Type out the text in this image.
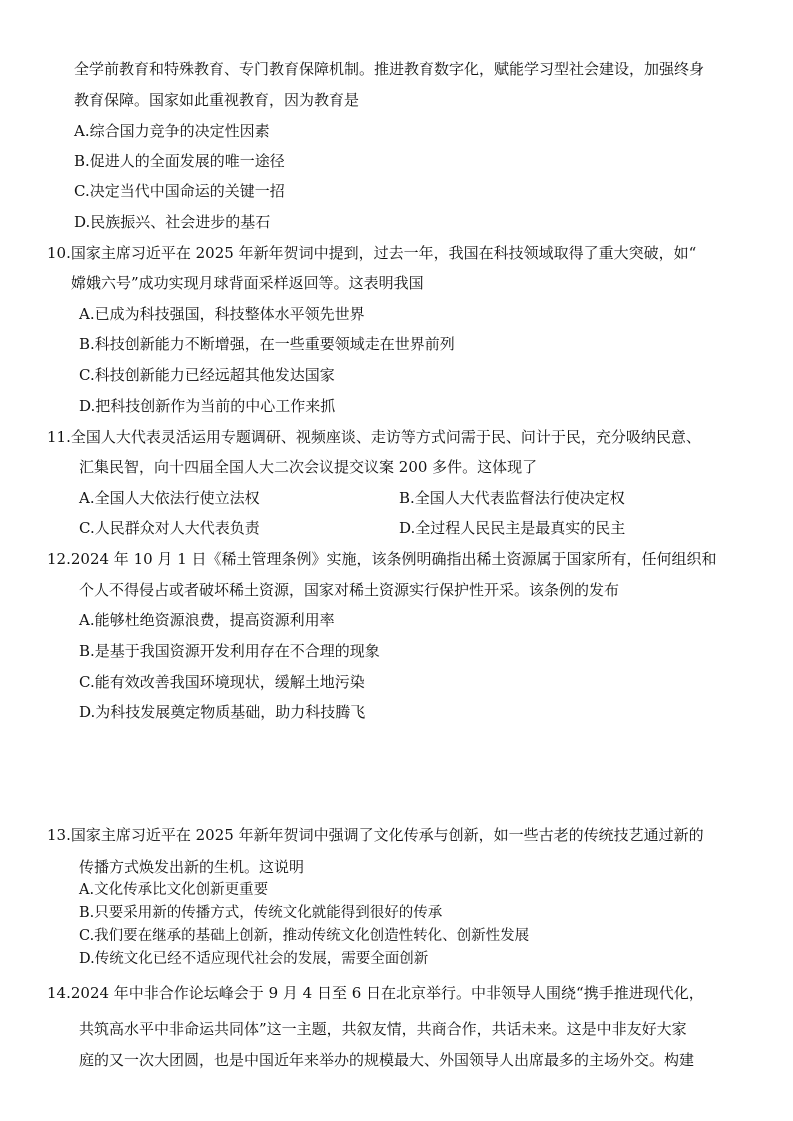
全学前教育和特殊教育、专门教育保障机制。推进教育数字化，赋能学习型社会建设，加强终身
教育保障。国家如此重视教育，因为教育是
A.综合国力竞争的决定性因素
B.促进人的全面发展的唯一途径
C.决定当代中国命运的关键一招
D.民族振兴、社会进步的基石
10.国家主席习近平在 2025 年新年贺词中提到，过去一年，我国在科技领域取得了重大突破，如“
嫦娥六号”成功实现月球背面采样返回等。这表明我国
A.已成为科技强国，科技整体水平领先世界
B.科技创新能力不断增强，在一些重要领域走在世界前列
C.科技创新能力已经远超其他发达国家
D.把科技创新作为当前的中心工作来抓
11.全国人大代表灵活运用专题调研、视频座谈、走访等方式问需于民、问计于民，充分吸纳民意、
汇集民智，向十四届全国人大二次会议提交议案 200 多件。这体现了
A.全国人大依法行使立法权	B.全国人大代表监督法行使决定权
C.人民群众对人大代表负责	D.全过程人民民主是最真实的民主
12.2024 年 10 月 1 日《稀土管理条例》实施，该条例明确指出稀土资源属于国家所有，任何组织和
个人不得侵占或者破坏稀土资源，国家对稀土资源实行保护性开采。该条例的发布
A.能够杜绝资源浪费，提高资源利用率
B.是基于我国资源开发利用存在不合理的现象
C.能有效改善我国环境现状，缓解土地污染
D.为科技发展奠定物质基础，助力科技腾飞
13.国家主席习近平在 2025 年新年贺词中强调了文化传承与创新，如一些古老的传统技艺通过新的
传播方式焕发出新的生机。这说明
A.文化传承比文化创新更重要
B.只要采用新的传播方式，传统文化就能得到很好的传承
C.我们要在继承的基础上创新，推动传统文化创造性转化、创新性发展
D.传统文化已经不适应现代社会的发展，需要全面创新
14.2024 年中非合作论坛峰会于 9 月 4 日至 6 日在北京举行。中非领导人围绕“携手推进现代化，
共筑高水平中非命运共同体”这一主题，共叙友情，共商合作，共话未来。这是中非友好大家
庭的又一次大团圆，也是中国近年来举办的规模最大、外国领导人出席最多的主场外交。构建
